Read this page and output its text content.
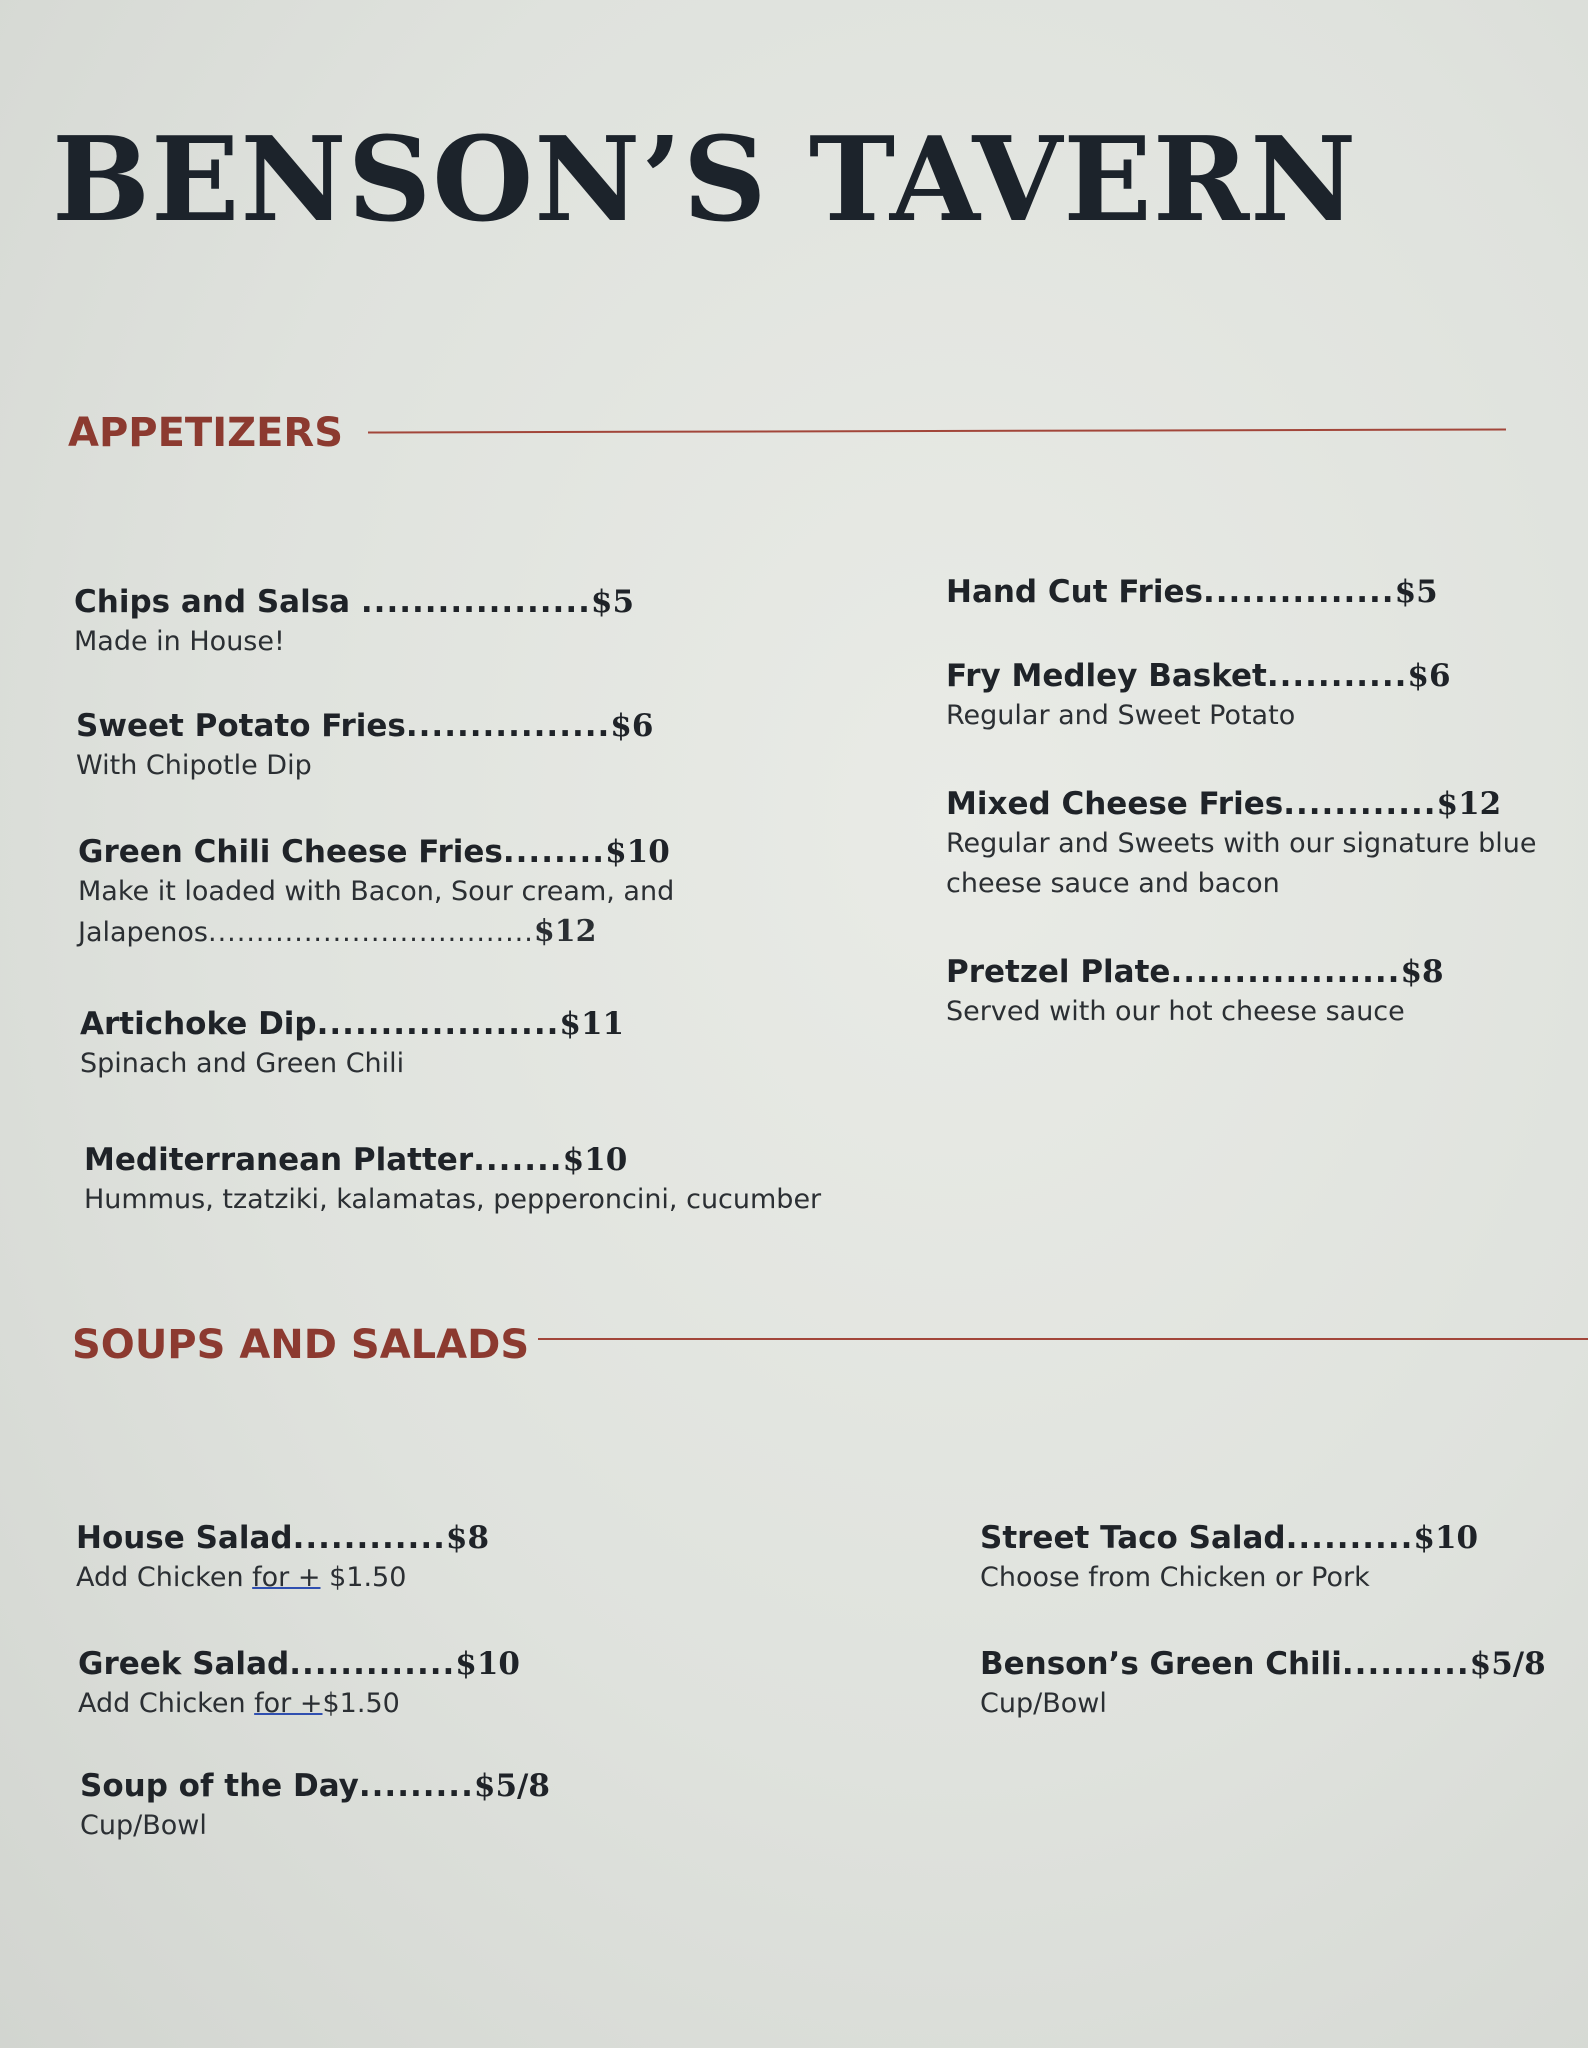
BENSON’S TAVERN
APPETIZERS
Chips and Salsa ..................$5
Made in House!
Sweet Potato Fries................$6
With Chipotle Dip
Green Chili Cheese Fries........$10
Make it loaded with Bacon, Sour cream, and
Jalapenos..................................$12
Artichoke Dip...................$11
Spinach and Green Chili
Mediterranean Platter.......$10
Hummus, tzatziki, kalamatas, pepperoncini, cucumber
Hand Cut Fries...............$5
Fry Medley Basket...........$6
Regular and Sweet Potato
Mixed Cheese Fries............$12
Regular and Sweets with our signature blue
cheese sauce and bacon
Pretzel Plate..................$8
Served with our hot cheese sauce
SOUPS AND SALADS
House Salad............$8
Add Chicken for + $1.50
Greek Salad.............$10
Add Chicken for +$1.50
Soup of the Day.........$5/8
Cup/Bowl
Street Taco Salad..........$10
Choose from Chicken or Pork
Benson’s Green Chili..........$5/8
Cup/Bowl
